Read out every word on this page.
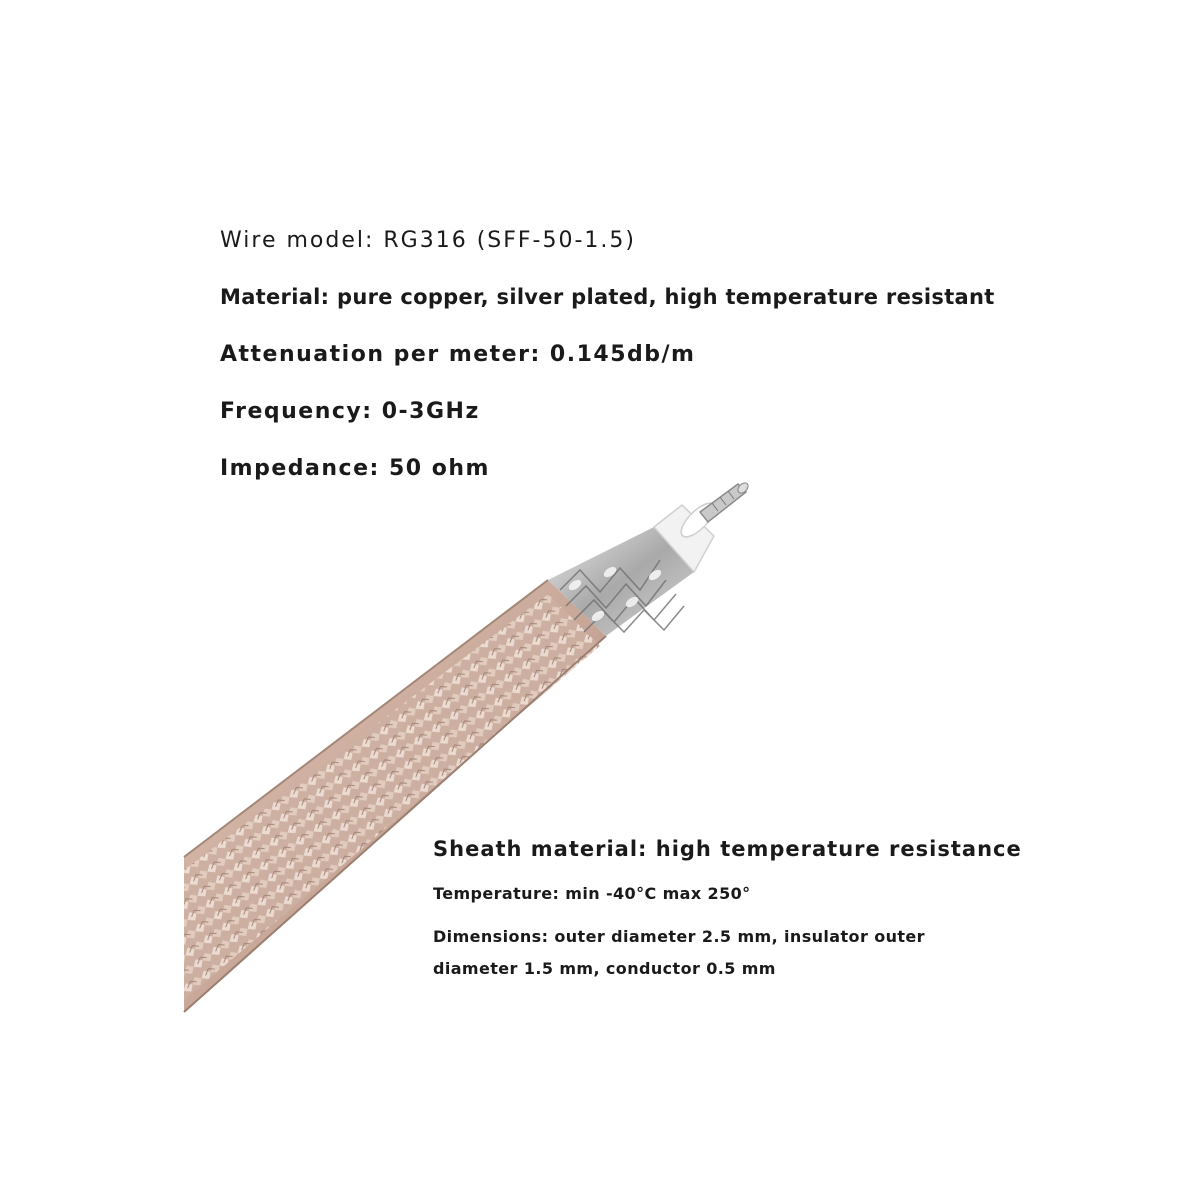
Wire model: RG316 (SFF-50-1.5)
Material: pure copper, silver plated, high temperature resistant
Attenuation per meter: 0.145db/m
Frequency: 0-3GHz
Impedance: 50 ohm
Sheath material: high temperature resistance
Temperature: min -40°C max 250°
Dimensions: outer diameter 2.5 mm, insulator outer
diameter 1.5 mm, conductor 0.5 mm
